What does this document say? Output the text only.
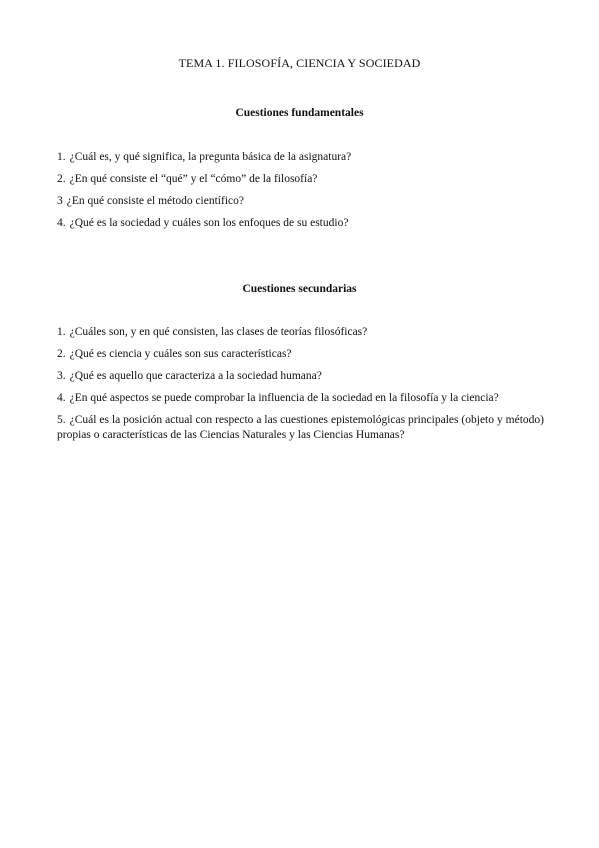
TEMA 1. FILOSOFÍA, CIENCIA Y SOCIEDAD
Cuestiones fundamentales

1. ¿Cuál es, y qué significa, la pregunta básica de la asignatura?

2. ¿En qué consiste el “qué” y el “cómo” de la filosofía?

3 ¿En qué consiste el método científico?

4. ¿Qué es la sociedad y cuáles son los enfoques de su estudio?

Cuestiones secundarias

1. ¿Cuáles son, y en qué consisten, las clases de teorías filosóficas?

2. ¿Qué es ciencia y cuáles son sus características?

3. ¿Qué es aquello que caracteriza a la sociedad humana?

4. ¿En qué aspectos se puede comprobar la influencia de la sociedad en la filosofía y la ciencia?

5. ¿Cuál es la posición actual con respecto a las cuestiones epistemológicas principales (objeto y método) propias o características de las Ciencias Naturales y las Ciencias Humanas?
